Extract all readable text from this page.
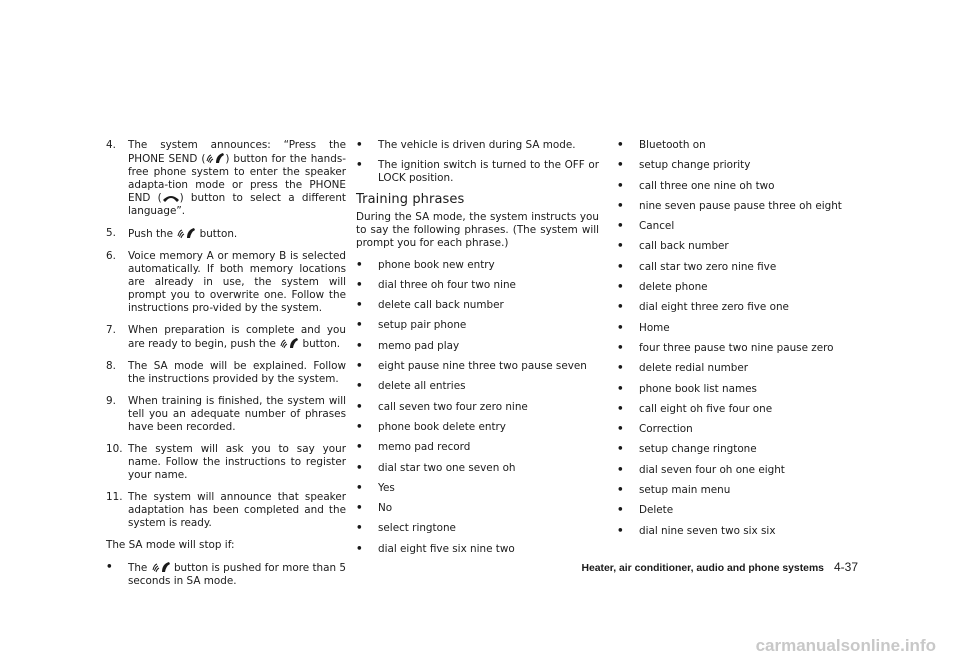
4.	The system announces: “Press the PHONE SEND ( ) button for the hands-free phone system to enter the speaker adapta-tion mode or press the PHONE END ( ) button to select a different language”.
5.	Push the
button.
6.	Voice memory A or memory B is selected automatically. If both memory locations are already in use, the system will prompt you to overwrite one. Follow the instructions pro-vided by the system.
7.	When preparation is complete and you are ready to begin, push the
button.
8.	The SA mode will be explained. Follow the instructions provided by the system.
9.	When training is finished, the system will tell you an adequate number of phrases have been recorded.
10. The system will ask you to say your name. Follow the instructions to register your name.
11. The system will announce that speaker adaptation has been completed and the system is ready.

The SA mode will stop if:

•	The
button is pushed for more than 5 seconds in SA mode.
•	The vehicle is driven during SA mode.
•	The ignition switch is turned to the OFF or LOCK position.
Training phrases

During the SA mode, the system instructs you to say the following phrases. (The system will prompt you for each phrase.)

•	phone book new entry
•	dial three oh four two nine
•	delete call back number
•	setup pair phone
•	memo pad play
•	eight pause nine three two pause seven
•	delete all entries
•	call seven two four zero nine
•	phone book delete entry
•	memo pad record
•	dial star two one seven oh
•	Yes
•	No
•	select ringtone
•	dial eight five six nine two
•	Bluetooth on
•	setup change priority
•	call three one nine oh two
•	nine seven pause pause three oh eight
•	Cancel
•	call back number
•	call star two zero nine five
•	delete phone
•	dial eight three zero five one
•	Home
•	four three pause two nine pause zero
•	delete redial number
•	phone book list names
•	call eight oh five four one
•	Correction
•	setup change ringtone
•	dial seven four oh one eight
•	setup main menu
•	Delete
•	dial nine seven two six six
Heater, air conditioner, audio and phone systems 4-37
carmanualsonline.info
